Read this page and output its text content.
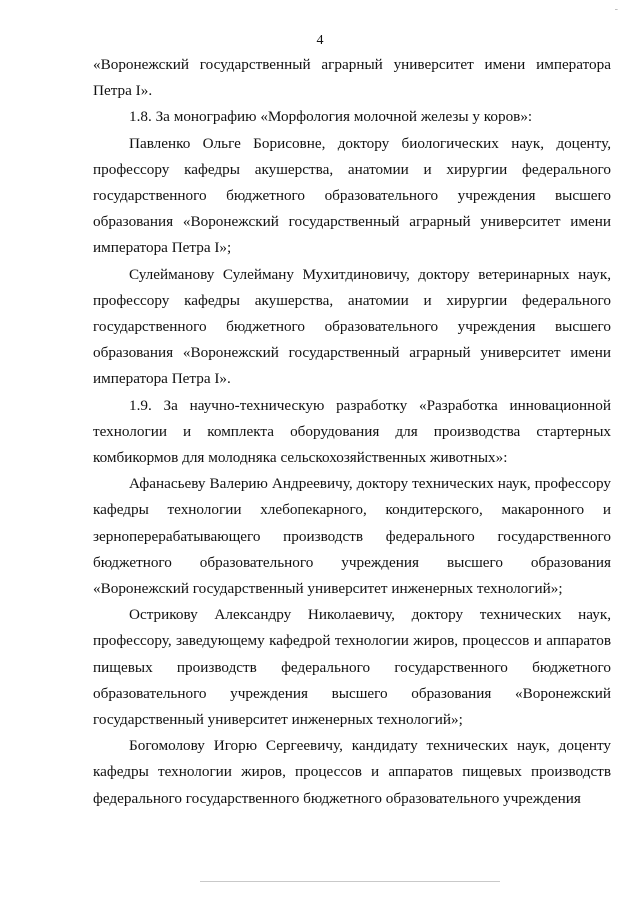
-
4

«Воронежский государственный аграрный университет имени императора Петра I».

1.8. За монографию «Морфология молочной железы у коров»:

Павленко Ольге Борисовне, доктору биологических наук, доценту, профессору кафедры акушерства, анатомии и хирургии федерального государственного бюджетного образовательного учреждения высшего образования «Воронежский государственный аграрный университет имени императора Петра I»;

Сулейманову Сулейману Мухитдиновичу, доктору ветеринарных наук, профессору кафедры акушерства, анатомии и хирургии федерального государственного бюджетного образовательного учреждения высшего образования «Воронежский государственный аграрный университет имени императора Петра I».

1.9. За научно-техническую разработку «Разработка инновационной технологии и комплекта оборудования для производства стартерных комбикормов для молодняка сельскохозяйственных животных»:

Афанасьеву Валерию Андреевичу, доктору технических наук, профессору кафедры технологии хлебопекарного, кондитерского, макаронного и зерноперерабатывающего производств федерального государственного бюджетного образовательного учреждения высшего образования «Воронежский государственный университет инженерных технологий»;

Острикову Александру Николаевичу, доктору технических наук, профессору, заведующему кафедрой технологии жиров, процессов и аппаратов пищевых производств федерального государственного бюджетного образовательного учреждения высшего образования «Воронежский государственный университет инженерных технологий»;

Богомолову Игорю Сергеевичу, кандидату технических наук, доценту кафедры технологии жиров, процессов и аппаратов пищевых производств федерального государственного бюджетного образовательного учреждения
